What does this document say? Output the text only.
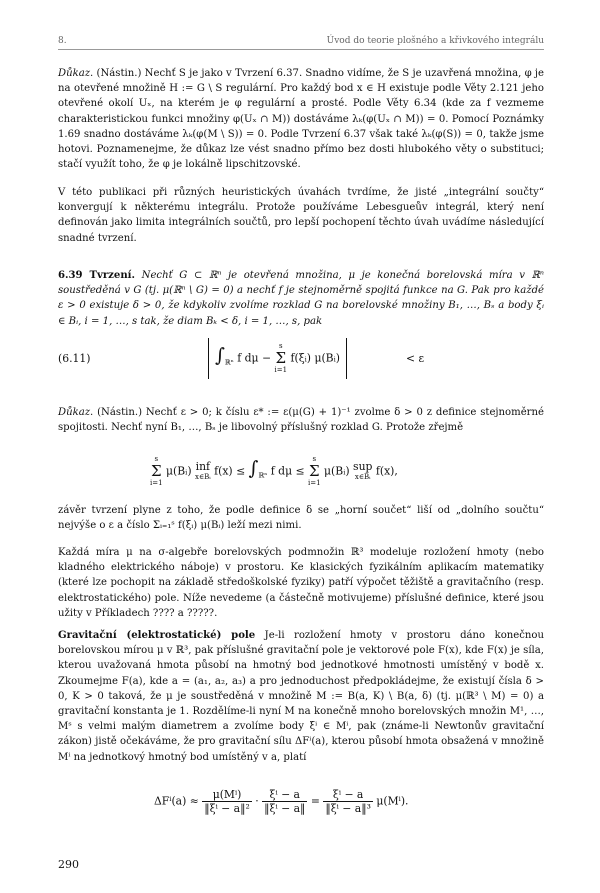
8.	Úvod do teorie plošného a křivkového integrálu
Důkaz. (Nástin.) Nechť S je jako v Tvrzení 6.37. Snadno vidíme, že S je uzavřená množina, φ je na otevřené množině H := G \ S regulární. Pro každý bod x ∈ H existuje podle Věty 2.121 jeho otevřené okolí Uₓ, na kterém je φ regulární a prosté. Podle Věty 6.34 (kde za f vezmeme charakteristickou funkci množiny φ(Uₓ ∩ M)) dostáváme λₖ(φ(Uₓ ∩ M)) = 0. Pomocí Poznámky 1.69 snadno dostáváme λₖ(φ(M \ S)) = 0. Podle Tvrzení 6.37 však také λₖ(φ(S)) = 0, takže jsme hotovi. Poznamenejme, že důkaz lze vést snadno přímo bez dosti hlubokého věty o substituci; stačí využít toho, že φ je lokálně lipschitzovské.
V této publikaci při různých heuristických úvahách tvrdíme, že jisté „integrální součty“ konvergují k některému integrálu. Protože používáme Lebesgueův integrál, který není definován jako limita integrálních součtů, pro lepší pochopení těchto úvah uvádíme následující snadné tvrzení.
6.39 Tvrzení. Nechť G ⊂ ℝⁿ je otevřená množina, μ je konečná borelovská míra v ℝⁿ soustředěná v G (tj. μ(ℝⁿ \ G) = 0) a nechť f je stejnoměrně spojitá funkce na G. Pak pro každé ε > 0 existuje δ > 0, že kdykoliv zvolíme rozklad G na borelovské množiny B₁, …, Bₛ a body ξᵢ ∈ Bᵢ, i = 1, …, s tak, že diam Bₖ < δ, i = 1, …, s, pak
(6.11)	$\int_{ℝ^n}$ f dμ −
s
Σ
i=1
f(ξᵢ) μ(Bᵢ)	< ε
Důkaz. (Nástin.) Nechť ε > 0; k číslu ε* := ε(μ(G) + 1)⁻¹ zvolme δ > 0 z definice stejnoměrné spojitosti. Nechť nyní B₁, …, Bₛ je libovolný příslušný rozklad G. Protože zřejmě
s
Σ
i=1
μ(Bᵢ) inf
x∈Bᵢ $f(x) \le \int_{ℝ^n}$ f dμ ≤
s
Σ
i=1
μ(Bᵢ) sup
x∈Bᵢ f(x),
závěr tvrzení plyne z toho, že podle definice δ se „horní součet“ liší od „dolního součtu“ nejvýše o ε a číslo Σᵢ₌₁ˢ f(ξᵢ) μ(Bᵢ) leží mezi nimi.
Každá míra μ na σ-algebře borelovských podmnožin ℝ³ modeluje rozložení hmoty (nebo kladného elektrického náboje) v prostoru. Ke klasických fyzikálním aplikacím matematiky (které lze pochopit na základě středoškolské fyziky) patří výpočet těžiště a gravitačního (resp. elektrostatického) pole. Níže nevedeme (a částečně motivujeme) příslušné definice, které jsou užity v Příkladech ???? a ?????.
Gravitační (elektrostatické) pole Je-li rozložení hmoty v prostoru dáno konečnou borelovskou mírou μ v ℝ³, pak příslušné gravitační pole je vektorové pole F(x), kde F(x) je síla, kterou uvažovaná hmota působí na hmotný bod jednotkové hmotnosti umístěný v bodě x. Zkoumejme F(a), kde a = (a₁, a₂, a₃) a pro jednoduchost předpokládejme, že existují čísla δ > 0, K > 0 taková, že μ je soustředěná v množině M := B(a, K) \ B(a, δ) (tj. μ(ℝ³ \ M) = 0) a gravitační konstanta je 1. Rozdělíme-li nyní M na konečně mnoho borelovských množin M¹, …, Mˢ s velmi malým diametrem a zvolíme body ξⁱ ∈ Mⁱ, pak (známe-li Newtonův gravitační zákon) jistě očekáváme, že pro gravitační sílu ΔFⁱ(a), kterou působí hmota obsažená v množině Mⁱ na jednotkový hmotný bod umístěný v a, platí
$\Delta F^i(a) \approx \frac{\text{μ(Mⁱ)}}{\text{‖ξⁱ − a‖²}} \cdot \frac{\text{ξⁱ − a}}{\text{‖ξⁱ − a‖}} = \frac{\text{ξⁱ − a}}{\text{‖ξⁱ − a‖³}} \mu(M^i)$.
290
